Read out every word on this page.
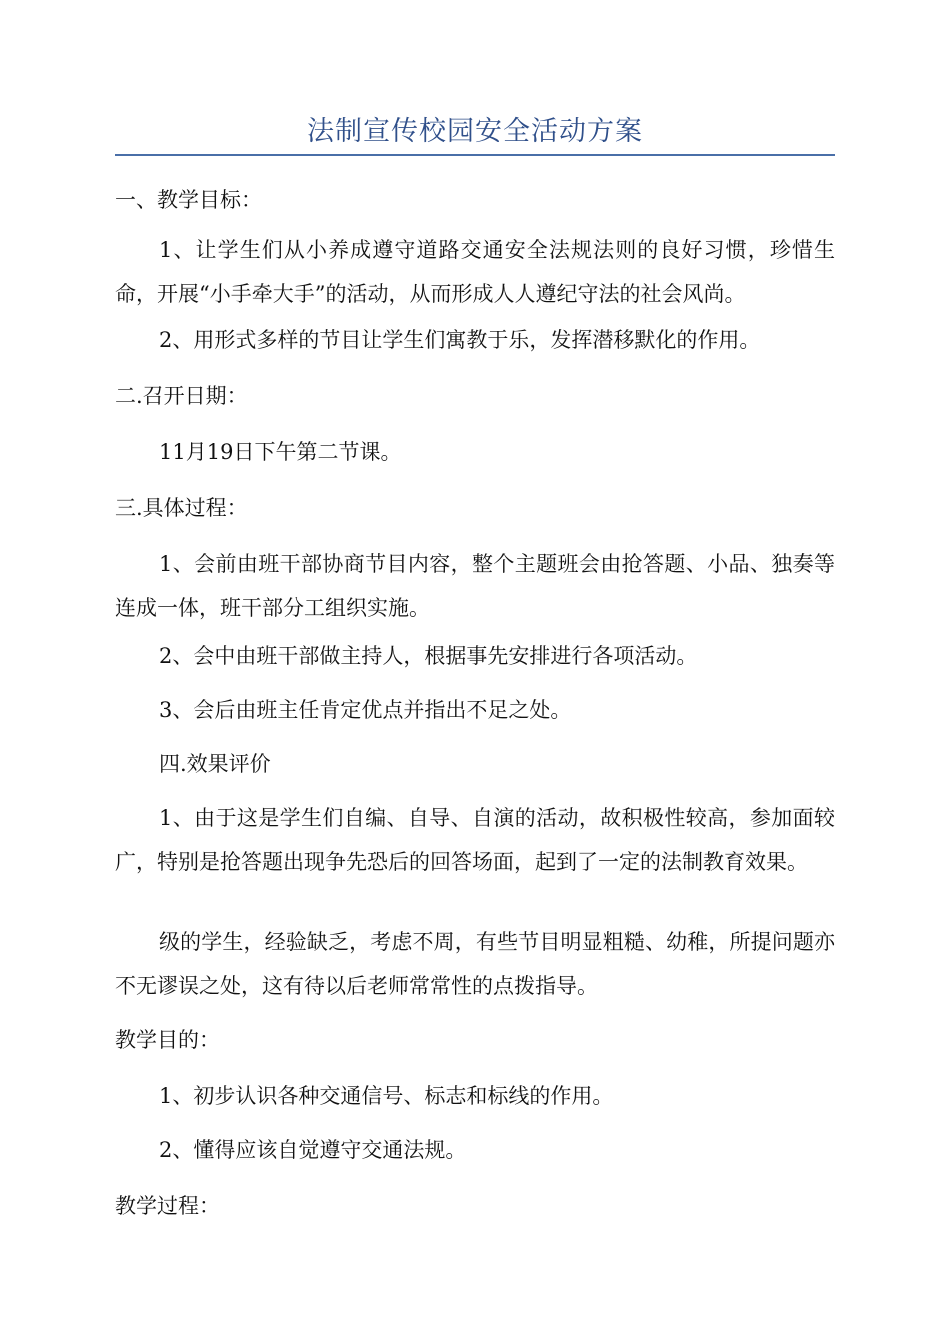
法制宣传校园安全活动方案

一、教学目标：

1、让学生们从小养成遵守道路交通安全法规法则的良好习惯，珍惜生命，开展“小手牵大手”的活动，从而形成人人遵纪守法的社会风尚。

2、用形式多样的节目让学生们寓教于乐，发挥潜移默化的作用。

二.召开日期：

11月19日下午第二节课。

三.具体过程：

1、会前由班干部协商节目内容，整个主题班会由抢答题、小品、独奏等连成一体，班干部分工组织实施。

2、会中由班干部做主持人，根据事先安排进行各项活动。

3、会后由班主任肯定优点并指出不足之处。

四.效果评价

1、由于这是学生们自编、自导、自演的活动，故积极性较高，参加面较广，特别是抢答题出现争先恐后的回答场面，起到了一定的法制教育效果。

级的学生，经验缺乏，考虑不周，有些节目明显粗糙、幼稚，所提问题亦不无谬误之处，这有待以后老师常常性的点拨指导。

教学目的：

1、初步认识各种交通信号、标志和标线的作用。

2、懂得应该自觉遵守交通法规。

教学过程：
